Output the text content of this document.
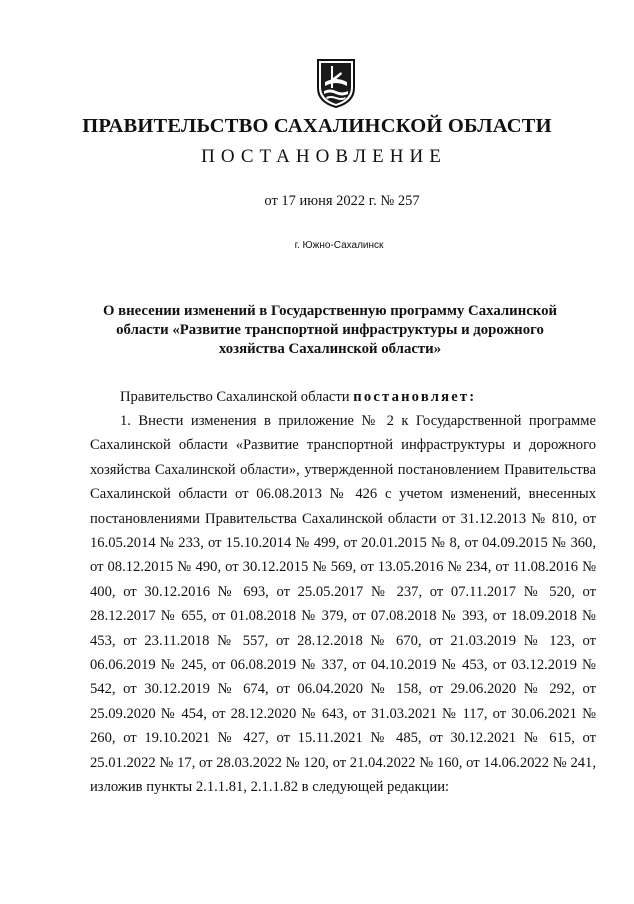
ПРАВИТЕЛЬСТВО САХАЛИНСКОЙ ОБЛАСТИ

ПОСТАНОВЛЕНИЕ

от 17 июня 2022 г. № 257

г. Южно-Сахалинск

О внесении изменений в Государственную программу Сахалинской области «Развитие транспортной инфраструктуры и дорожного хозяйства Сахалинской области»

Правительство Сахалинской области постановляет:

1. Внести изменения в приложение № 2 к Государственной программе Сахалинской области «Развитие транспортной инфраструктуры и дорожного хозяйства Сахалинской области», утвержденной постановлением Правительства Сахалинской области от 06.08.2013 № 426 с учетом изменений, внесенных постановлениями Правительства Сахалинской области от 31.12.2013 № 810, от 16.05.2014 № 233, от 15.10.2014 № 499, от 20.01.2015 № 8, от 04.09.2015 № 360, от 08.12.2015 № 490, от 30.12.2015 № 569, от 13.05.2016 № 234, от 11.08.2016 № 400, от 30.12.2016 № 693, от 25.05.2017 № 237, от 07.11.2017 № 520, от 28.12.2017 № 655, от 01.08.2018 № 379, от 07.08.2018 № 393, от 18.09.2018 № 453, от 23.11.2018 № 557, от 28.12.2018 № 670, от 21.03.2019 № 123, от 06.06.2019 № 245, от 06.08.2019 № 337, от 04.10.2019 № 453, от 03.12.2019 № 542, от 30.12.2019 № 674, от 06.04.2020 № 158, от 29.06.2020 № 292, от 25.09.2020 № 454, от 28.12.2020 № 643, от 31.03.2021 № 117, от 30.06.2021 № 260, от 19.10.2021 № 427, от 15.11.2021 № 485, от 30.12.2021 № 615, от 25.01.2022 № 17, от 28.03.2022 № 120, от 21.04.2022 № 160, от 14.06.2022 № 241, изложив пункты 2.1.1.81, 2.1.1.82 в следующей редакции:
